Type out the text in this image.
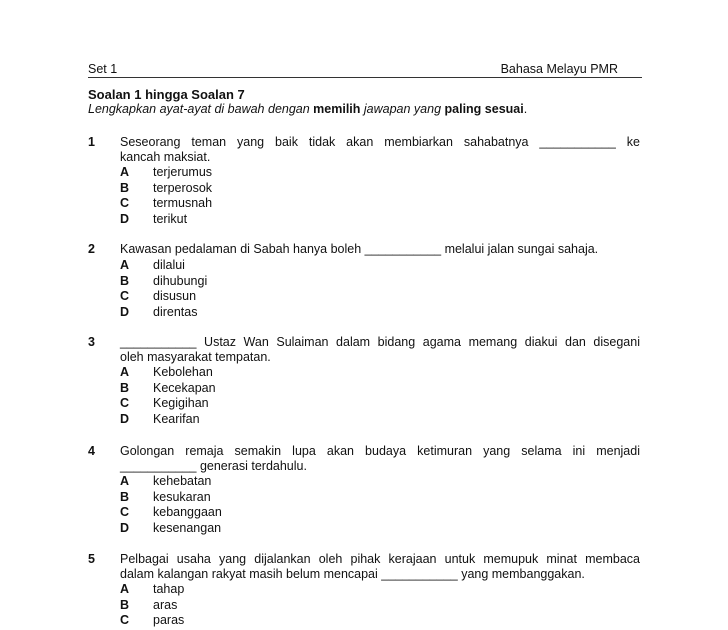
Set 1	Bahasa Melayu PMR
Soalan 1 hingga Soalan 7
Lengkapkan ayat-ayat di bawah dengan memilih jawapan yang paling sesuai.
1 Seseorang teman yang baik tidak akan membiarkan sahabatnya ___________ ke
kancah maksiat.
A terjerumus
B terperosok
C termusnah
D terikut
2 Kawasan pedalaman di Sabah hanya boleh ___________ melalui jalan sungai sahaja.
A dilalui
B dihubungi
C disusun
D direntas
3 ___________ Ustaz Wan Sulaiman dalam bidang agama memang diakui dan disegani
oleh masyarakat tempatan.
A Kebolehan
B Kecekapan
C Kegigihan
D Kearifan
4 Golongan remaja semakin lupa akan budaya ketimuran yang selama ini menjadi
___________ generasi terdahulu.
A kehebatan
B kesukaran
C kebanggaan
D kesenangan
5 Pelbagai usaha yang dijalankan oleh pihak kerajaan untuk memupuk minat membaca
dalam kalangan rakyat masih belum mencapai ___________ yang membanggakan.
A tahap
B aras
C paras
